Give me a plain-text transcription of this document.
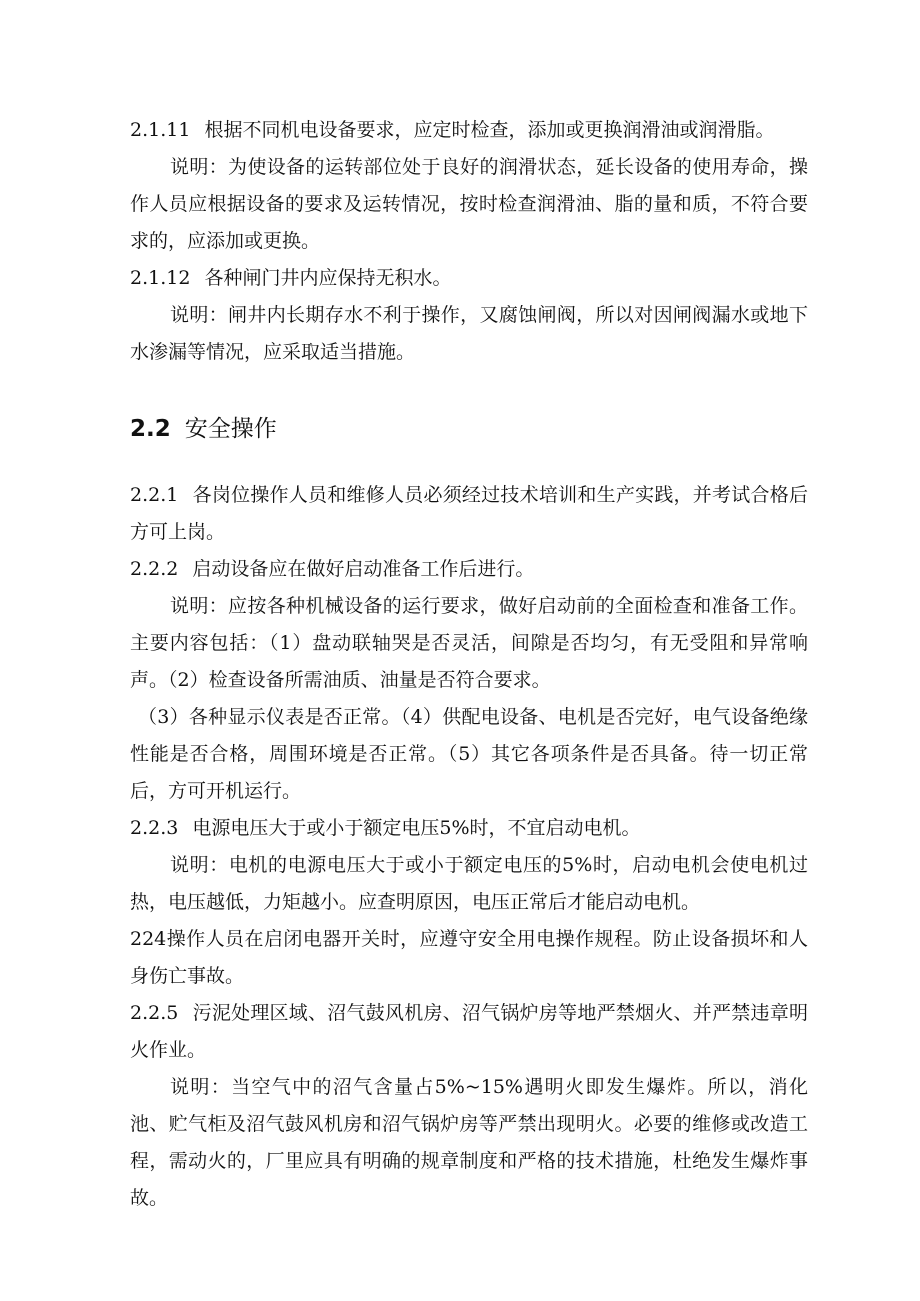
2.1.11 根据不同机电设备要求，应定时检查，添加或更换润滑油或润滑脂。

说明：为使设备的运转部位处于良好的润滑状态，延长设备的使用寿命，操作人员应根据设备的要求及运转情况，按时检查润滑油、脂的量和质，不符合要求的，应添加或更换。

2.1.12 各种闸门井内应保持无积水。

说明：闸井内长期存水不利于操作，又腐蚀闸阀，所以对因闸阀漏水或地下水渗漏等情况，应采取适当措施。

2.2 安全操作

2.2.1 各岗位操作人员和维修人员必须经过技术培训和生产实践，并考试合格后方可上岗。

2.2.2 启动设备应在做好启动准备工作后进行。

说明：应按各种机械设备的运行要求，做好启动前的全面检查和准备工作。主要内容包括：（1）盘动联轴哭是否灵活，间隙是否均匀，有无受阻和异常响声。（2）检查设备所需油质、油量是否符合要求。

（3）各种显示仪表是否正常。（4）供配电设备、电机是否完好，电气设备绝缘性能是否合格，周围环境是否正常。（5）其它各项条件是否具备。待一切正常后，方可开机运行。

2.2.3 电源电压大于或小于额定电压5%时，不宜启动电机。

说明：电机的电源电压大于或小于额定电压的5%时，启动电机会使电机过热，电压越低，力矩越小。应查明原因，电压正常后才能启动电机。

224操作人员在启闭电器开关时，应遵守安全用电操作规程。防止设备损坏和人身伤亡事故。

2.2.5 污泥处理区域、沼气鼓风机房、沼气锅炉房等地严禁烟火、并严禁违章明火作业。

说明：当空气中的沼气含量占5%~15%遇明火即发生爆炸。所以，消化池、贮气柜及沼气鼓风机房和沼气锅炉房等严禁出现明火。必要的维修或改造工程，需动火的，厂里应具有明确的规章制度和严格的技术措施，杜绝发生爆炸事故。
